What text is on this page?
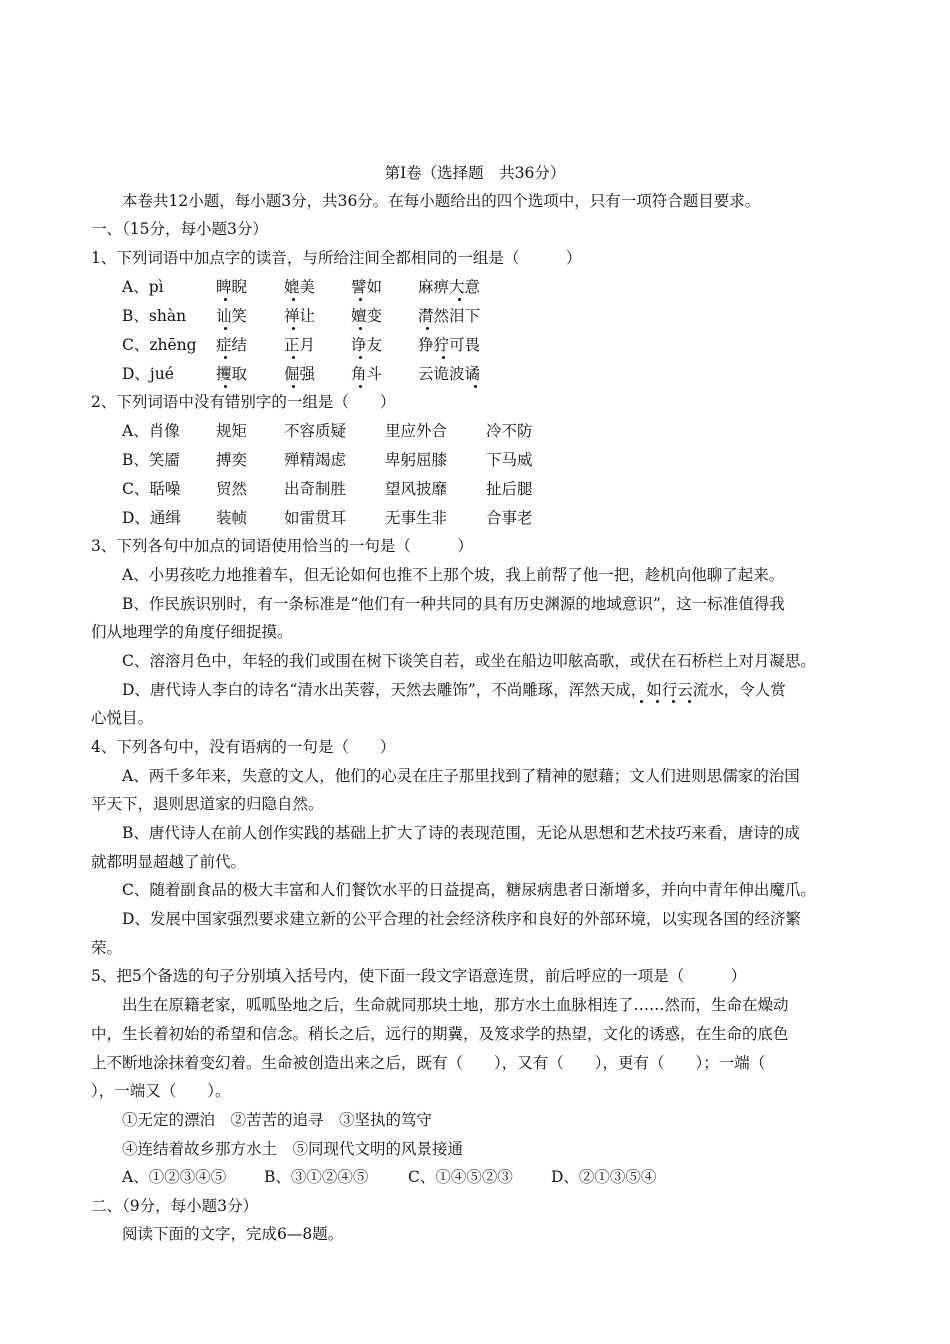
第Ⅰ卷（选择题　共36分）
本卷共12小题，每小题3分，共36分。在每小题给出的四个选项中，只有一项符合题目要求。
一、（15分，每小题3分）
1、下列词语中加点字的读音，与所给注间全都相同的一组是（　　　）
A、pì	睥睨 媲美 譬如 麻痹大意
B、shàn 讪笑 禅让 嬗变 潸然泪下
C、zhēng 症结 正月 诤友 狰狞可畏
D、jué	攫取 倔强 角斗 云诡波谲
2、下列词语中没有错别字的一组是（　　）
A、肖像 规矩 不容质疑	里应外合	冷不防
B、笑靥 搏奕 殚精竭虑	卑躬屈膝	下马威
C、聒噪 贸然 出奇制胜	望风披靡	扯后腿
D、通缉 装帧 如雷贯耳	无事生非	合事老
3、下列各句中加点的词语使用恰当的一句是（　　　）
A、小男孩吃力地推着车，但无论如何也推不上那个坡，我上前帮了他一把，趁机向他聊了起来。
B、作民族识别时，有一条标准是“他们有一种共同的具有历史渊源的地域意识”，这一标准值得我
们从地理学的角度仔细捉摸。
C、溶溶月色中，年轻的我们或围在树下谈笑自若，或坐在船边叩舷高歌，或伏在石桥栏上对月凝思。
D、唐代诗人李白的诗名“清水出芙蓉，天然去雕饰”，不尚雕琢，浑然天成，如行云流水，令人赏
心悦目。
4、下列各句中，没有语病的一句是（　　）
A、两千多年来，失意的文人，他们的心灵在庄子那里找到了精神的慰藉；文人们进则思儒家的治国
平天下，退则思道家的归隐自然。
B、唐代诗人在前人创作实践的基础上扩大了诗的表现范围，无论从思想和艺术技巧来看，唐诗的成
就都明显超越了前代。
C、随着副食品的极大丰富和人们餐饮水平的日益提高，糖尿病患者日渐增多，并向中青年伸出魔爪。
D、发展中国家强烈要求建立新的公平合理的社会经济秩序和良好的外部环境，以实现各国的经济繁
荣。
5、把5个备选的句子分别填入括号内，使下面一段文字语意连贯，前后呼应的一项是（　　　）
出生在原籍老家，呱呱坠地之后，生命就同那块土地，那方水土血脉相连了……然而，生命在燥动
中，生长着初始的希望和信念。稍长之后，远行的期冀，及笈求学的热望，文化的诱惑，在生命的底色
上不断地涂抹着变幻着。生命被创造出来之后，既有（　　），又有（　　），更有（　　）；一端（
），一端又（　　）。
①无定的漂泊　②苦苦的追寻　③坚执的笃守
④连结着故乡那方水土　⑤同现代文明的风景接通
A、①②③④⑤ B、③①②④⑤	C、①④⑤②③ D、②①③⑤④
二、（9分，每小题3分）
阅读下面的文字，完成6—8题。
